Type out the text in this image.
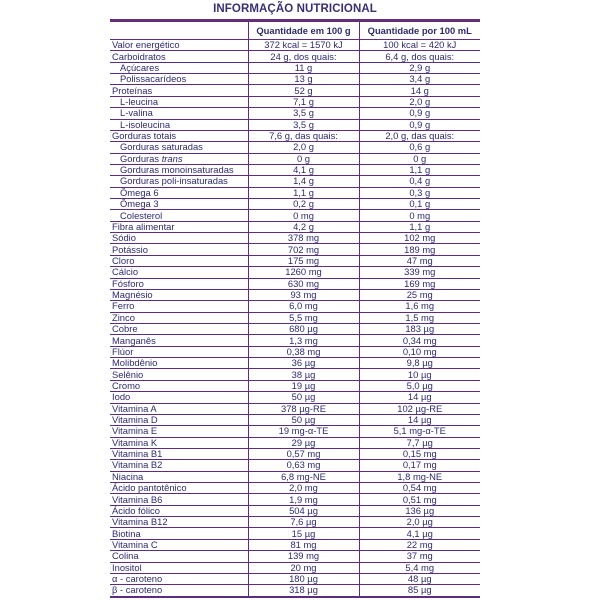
INFORMAÇÃO NUTRICIONAL
	Quantidade em 100 g	Quantidade por 100 mL
Valor energético	372 kcal = 1570 kJ	100 kcal = 420 kJ
Carboidratos	24 g, dos quais:	6,4 g, dos quais:
Açúcares	11 g	2,9 g
Polissacarídeos	13 g	3,4 g
Proteínas	52 g	14 g
L-leucina	7,1 g	2,0 g
L-valina	3,5 g	0,9 g
L-isoleucina	3,5 g	0,9 g
Gorduras totais	7,6 g, das quais:	2,0 g, das quais:
Gorduras saturadas	2,0 g	0,6 g
Gorduras trans	0 g	0 g
Gorduras monoinsaturadas	4,1 g	1,1 g
Gorduras poli-insaturadas	1,4 g	0,4 g
Ômega 6	1,1 g	0,3 g
Ômega 3	0,2 g	0,1 g
Colesterol	0 mg	0 mg
Fibra alimentar	4,2 g	1,1 g
Sódio	378 mg	102 mg
Potássio	702 mg	189 mg
Cloro	175 mg	47 mg
Cálcio	1260 mg	339 mg
Fósforo	630 mg	169 mg
Magnésio	93 mg	25 mg
Ferro	6,0 mg	1,6 mg
Zinco	5,5 mg	1,5 mg
Cobre	680 µg	183 µg
Manganês	1,3 mg	0,34 mg
Flúor	0,38 mg	0,10 mg
Molibdênio	36 µg	9,8 µg
Selênio	38 µg	10 µg
Cromo	19 µg	5,0 µg
Iodo	50 µg	14 µg
Vitamina A	378 µg-RE	102 µg-RE
Vitamina D	50 µg	14 µg
Vitamina E	19 mg-α-TE	5,1 mg-α-TE
Vitamina K	29 µg	7,7 µg
Vitamina B1	0,57 mg	0,15 mg
Vitamina B2	0,63 mg	0,17 mg
Niacina	6,8 mg-NE	1,8 mg-NE
Ácido pantotênico	2,0 mg	0,54 mg
Vitamina B6	1,9 mg	0,51 mg
Ácido fólico	504 µg	136 µg
Vitamina B12	7,6 µg	2,0 µg
Biotina	15 µg	4,1 µg
Vitamina C	81 mg	22 mg
Colina	139 mg	37 mg
Inositol	20 mg	5,4 mg
α - caroteno	180 µg	48 µg
β - caroteno	318 µg	85 µg
